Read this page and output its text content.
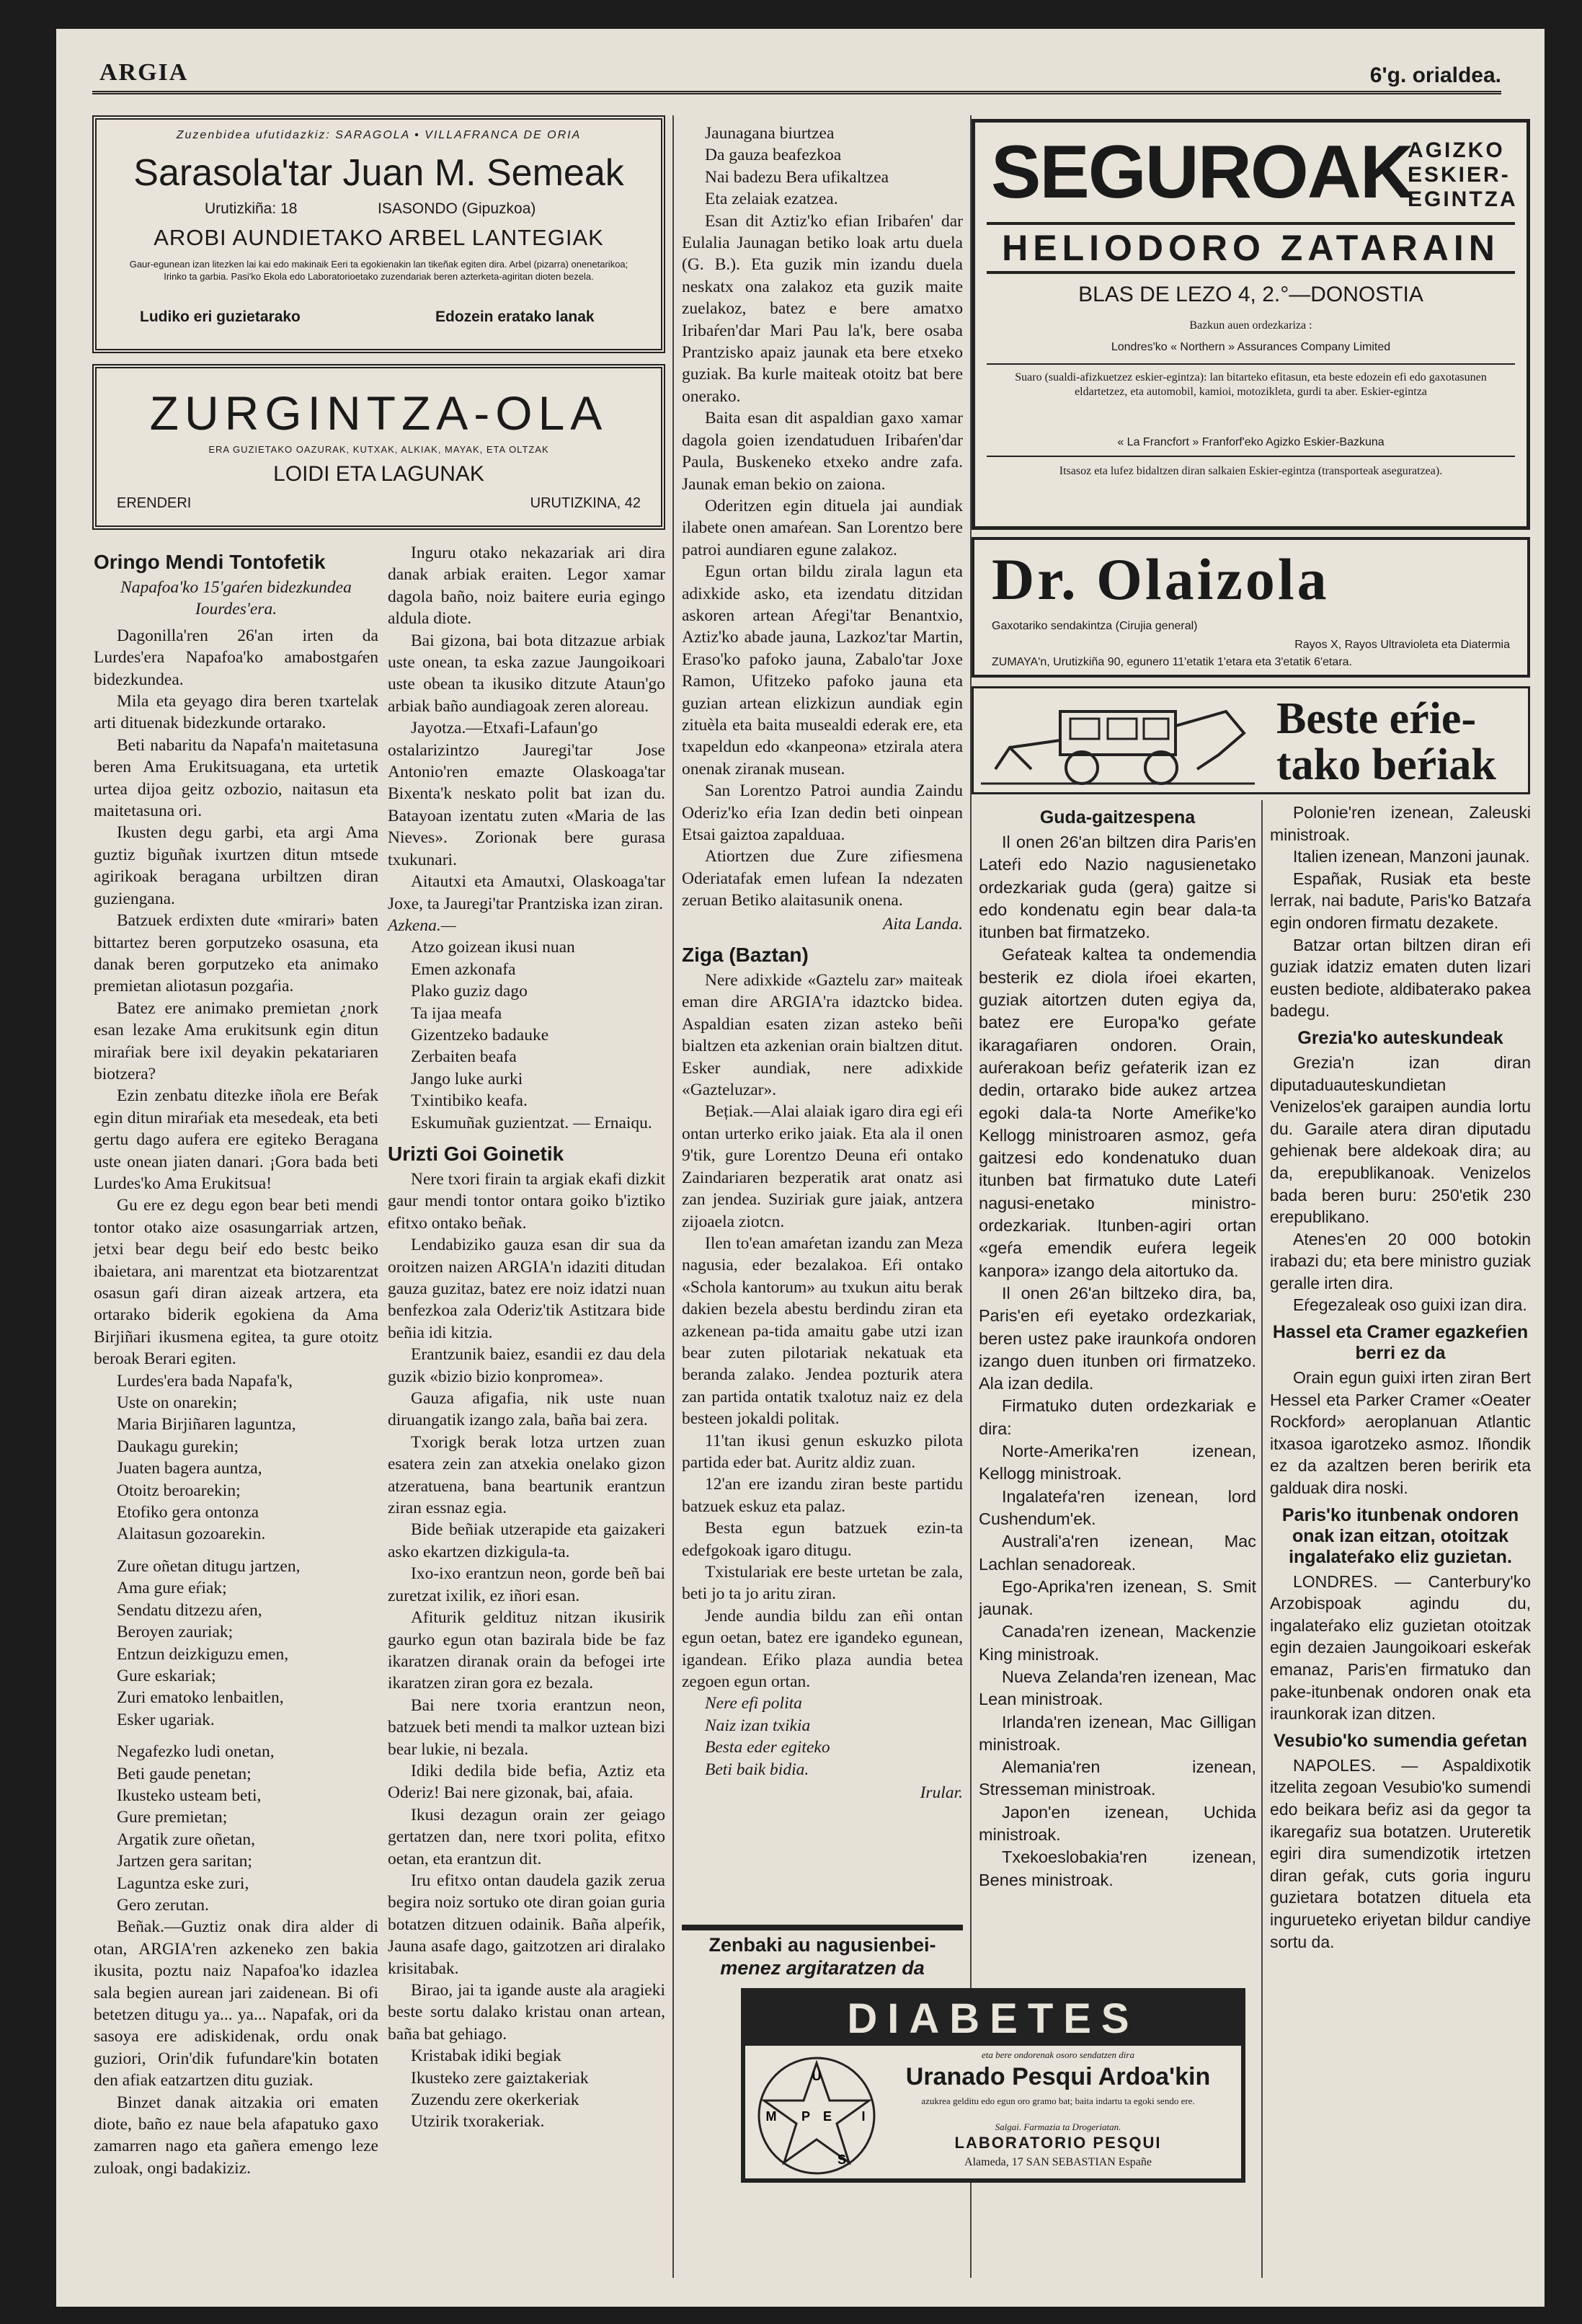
ARGIA	6'g. orialdea.
Zuzenbidea ufutidazkiz: SARAGOLA • VILLAFRANCA DE ORIA
Sarasola'tar Juan M. Semeak
Urutizkiña: 18	ISASONDO (Gipuzkoa)
AROBI AUNDIETAKO ARBEL LANTEGIAK
Gaur-egunean izan litezken lai kai edo makinaik Eeri ta egokienakin lan tikeñak egiten dira. Arbel (pizarra) onenetarikoa; Irinko ta garbia. Pasi'ko Ekola edo Laboratorioetako zuzendariak beren azterketa-agiritan dioten bezela.
Ludiko eri guzietarako	Edozein eratako lanak
ZURGINTZA-OLA
ERA GUZIETAKO OAZURAK, KUTXAK, ALKIAK, MAYAK, ETA OLTZAK
LOIDI ETA LAGUNAK
ERENDERI	URUTIZKINA, 42
Oringo Mendi Tontofetik
Napafoa'ko 15'gaŕen bidezkundea Iourdes'era.

Dagonilla'ren 26'an irten da Lurdes'era Napafoa'ko amabostgaŕen bidezkundea.

Mila eta geyago dira beren txartelak arti dituenak bidezkunde ortarako.

Beti nabaritu da Napafa'n maitetasuna beren Ama Erukitsuagana, eta urtetik urtea dijoa geitz ozbozio, naitasun eta maitetasuna ori.

Ikusten degu garbi, eta argi Ama guztiz biguñak ixurtzen ditun mtsede agirikoak beragana urbiltzen diran guziengana.

Batzuek erdixten dute «mirari» baten bittartez beren gorputzeko osasuna, eta danak beren gorputzeko eta animako premietan aliotasun pozgaŕia.

Batez ere animako premietan ¿nork esan lezake Ama erukitsunk egin ditun miraŕiak bere ixil deyakin pekatariaren biotzera?

Ezin zenbatu ditezke iñola ere Beŕak egin ditun miraŕiak eta mesedeak, eta beti gertu dago aufera ere egiteko Beragana uste onean jiaten danari. ¡Gora bada beti Lurdes'ko Ama Erukitsua!

Gu ere ez degu egon bear beti mendi tontor otako aize osasungarriak artzen, jetxi bear degu beiŕ edo bestc beiko ibaietara, ani marentzat eta biotzarentzat osasun gaŕi diran aizeak artzera, eta ortarako biderik egokiena da Ama Birjiñari ikusmena egitea, ta gure otoitz beroak Berari egiten.

Lurdes'era bada Napafa'k,

Uste on onarekin;

Maria Birjiñaren laguntza,

Daukagu gurekin;

Juaten bagera auntza,

Otoitz beroarekin;

Etofiko gera ontonza

Alaitasun gozoarekin.

Zure oñetan ditugu jartzen,

Ama gure eŕiak;

Sendatu ditzezu aŕen,

Beroyen zauriak;

Entzun deizkiguzu emen,

Gure eskariak;

Zuri ematoko lenbaitlen,

Esker ugariak.

Negafezko ludi onetan,

Beti gaude penetan;

Ikusteko usteam beti,

Gure premietan;

Argatik zure oñetan,

Jartzen gera saritan;

Laguntza eske zuri,

Gero zerutan.

Beñak.—Guztiz onak dira alder di otan, ARGIA'ren azkeneko zen bakia ikusita, poztu naiz Napafoa'ko idazlea sala begien aurean jari zaidenean. Bi ofi betetzen ditugu ya... ya... Napafak, ori da sasoya ere adiskidenak, ordu onak guziori, Orin'dik fufundare'kin botaten den afiak eatzartzen ditu guziak.

Binzet danak aitzakia ori ematen diote, baño ez naue bela afapatuko gaxo zamarren nago eta gañera emengo leze zuloak, ongi badakiziz.

Inguru otako nekazariak ari dira danak arbiak eraiten. Legor xamar dagola baño, noiz baitere euria egingo aldula diote.

Bai gizona, bai bota ditzazue arbiak uste onean, ta eska zazue Jaungoikoari uste obean ta ikusiko ditzute Ataun'go arbiak baño aundiagoak zeren aloreau.

Jayotza.—Etxafi-Lafaun'go ostalarizintzo Jauregi'tar Jose Antonio'ren emazte Olaskoaga'tar Bixenta'k neskato polit bat izan du. Batayoan izentatu zuten «Maria de las Nieves». Zorionak bere gurasa txukunari.

Aitautxi eta Amautxi, Olaskoaga'tar Joxe, ta Jauregi'tar Prantziska izan ziran.

Azkena.—

Atzo goizean ikusi nuan

Emen azkonafa

Plako guziz dago

Ta ijaa meafa

Gizentzeko badauke

Zerbaiten beafa

Jango luke aurki

Txintibiko keafa.

Eskumuñak guzientzat. — Ernaiqu.

Urizti Goi Goinetik

Nere txori firain ta argiak ekafi dizkit gaur mendi tontor ontara goiko b'iztiko efitxo ontako beñak.

Lendabiziko gauza esan dir sua da oroitzen naizen ARGIA'n idaziti ditudan gauza guzitaz, batez ere noiz idatzi nuan benfezkoa zala Oderiz'tik Astitzara bide beñia idi kitzia.

Erantzunik baiez, esandii ez dau dela guzik «bizio bizio konpromea».

Gauza afigafia, nik uste nuan diruangatik izango zala, baña bai zera.

Txorigk berak lotza urtzen zuan esatera zein zan atxekia onelako gizon atzeratuena, bana beartunik erantzun ziran essnaz egia.

Bide beñiak utzerapide eta gaizakeri asko ekartzen dizkigula-ta.

Ixo-ixo erantzun neon, gorde beñ bai zuretzat ixilik, ez iñori esan.

Afiturik geldituz nitzan ikusirik gaurko egun otan bazirala bide be faz ikaratzen diranak orain da befogei irte ikaratzen ziran gora ez bezala.

Bai nere txoria erantzun neon, batzuek beti mendi ta malkor uztean bizi bear lukie, ni bezala.

Idiki dedila bide befia, Aztiz eta Oderiz! Bai nere gizonak, bai, afaia.

Ikusi dezagun orain zer geiago gertatzen dan, nere txori polita, efitxo oetan, eta erantzun dit.

Iru efitxo ontan daudela gazik zerua begira noiz sortuko ote diran goian guria botatzen ditzuen odainik. Baña alpeŕik, Jauna asafe dago, gaitzotzen ari diralako krisitabak.

Birao, jai ta igande auste ala aragieki beste sortu dalako kristau onan artean, baña bat gehiago.

Kristabak idiki begiak

Ikusteko zere gaiztakeriak

Zuzendu zere okerkeriak

Utzirik txorakeriak.

Jaunagana biurtzea

Da gauza beafezkoa

Nai badezu Bera ufikaltzea

Eta zelaiak ezatzea.

Esan dit Aztiz'ko efian Iribaŕen' dar Eulalia Jaunagan betiko loak artu duela (G. B.). Eta guzik min izandu duela neskatx ona zalakoz eta guzik maite zuelakoz, batez e bere amatxo Iribaŕen'dar Mari Pau la'k, bere osaba Prantzisko apaiz jaunak eta bere etxeko guziak. Ba kurle maiteak otoitz bat bere onerako.

Baita esan dit aspaldian gaxo xamar dagola goien izendatuduen Iribaŕen'dar Paula, Buskeneko etxeko andre zafa. Jaunak eman bekio on zaiona.

Oderitzen egin dituela jai aundiak ilabete onen amaŕean. San Lorentzo bere patroi aundiaren egune zalakoz.

Egun ortan bildu zirala lagun eta adixkide asko, eta izendatu ditzidan askoren artean Aŕegi'tar Benantxio, Aztiz'ko abade jauna, Lazkoz'tar Martin, Eraso'ko pafoko jauna, Zabalo'tar Joxe Ramon, Ufitzeko pafoko jauna eta guzian artean elizkizun aundiak egin zituèla eta baita musealdi ederak ere, eta txapeldun edo «kanpeona» etzirala atera onenak ziranak musean.

San Lorentzo Patroi aundia Zaindu Oderiz'ko eŕia Izan dedin beti oinpean Etsai gaiztoa zapalduaa.

Atiortzen due Zure zifiesmena Oderiatafak emen lufean Ia ndezaten zeruan Betiko alaitasunik onena.

Aita Landa.
Ziga (Baztan)

Nere adixkide «Gaztelu zar» maiteak eman dire ARGIA'ra idaztcko bidea. Aspaldian esaten zizan asteko beñi bialtzen eta azkenian orain bialtzen ditut. Esker aundiak, nere adixkide «Gazteluzar».

Bețiak.—Alai alaiak igaro dira egi eŕi ontan urterko eriko jaiak. Eta ala il onen 9'tik, gure Lorentzo Deuna eŕi ontako Zaindariaren bezperatik arat onatz asi zan jendea. Suziriak gure jaiak, antzera zijoaela ziotcn.

Ilen to'ean amaŕetan izandu zan Meza nagusia, eder bezalakoa. Eŕi ontako «Schola kantorum» au txukun aitu berak dakien bezela abestu berdindu ziran eta azkenean pa-tida amaitu gabe utzi izan bear zuten pilotariak nekatuak eta beranda zalako. Jendea pozturik atera zan partida ontatik txalotuz naiz ez dela besteen jokaldi politak.

11'tan ikusi genun eskuzko pilota partida eder bat. Auritz aldiz zuan.

12'an ere izandu ziran beste partidu batzuek eskuz eta palaz.

Besta egun batzuek ezin-ta edefgokoak igaro ditugu.

Txistulariak ere beste urtetan be zala, beti jo ta jo aritu ziran.

Jende aundia bildu zan eñi ontan egun oetan, batez ere igandeko egunean, igandean. Eŕiko plaza aundia betea zegoen egun ortan.

Nere efi polita

Naiz izan txikia

Besta eder egiteko

Beti baik bidia.

Irular.
Zenbaki au nagusienbei-
menez argitaratzen da
DIABETES
U
I
P
S
E
M
eta bere ondorenak osoro sendatzen dira
Uranado Pesqui Ardoa'kin
azukrea gelditu edo egun oro gramo bat; baita indartu ta egoki sendo ere.
Salgai. Farmazia ta Drogeriatan.
LABORATORIO PESQUI
Alameda, 17 SAN SEBASTIAN Españe
SEGUROAK
AGIZKO
ESKIER-
EGINTZA
HELIODORO ZATARAIN
BLAS DE LEZO 4, 2.°—DONOSTIA
Bazkun auen ordezkariza :
Londres'ko « Northern » Assurances Company Limited
Suaro (sualdi-afizkuetzez eskier-egintza): lan bitarteko efitasun, eta beste edozein efi edo gaxotasunen eldartetzez, eta automobil, kamioi, motozikleta, gurdi ta aber. Eskier-egintza
« La Francfort » Franforf'eko Agizko Eskier-Bazkuna
Itsasoz eta lufez bidaltzen diran salkaien Eskier-egintza (transporteak aseguratzea).
Dr. Olaizola
Gaxotariko sendakintza (Cirujia general)
Rayos X, Rayos Ultravioleta eta Diatermia
ZUMAYA'n, Urutizkiña 90, egunero 11'etatik 1'etara eta 3'etatik 6'etara.
Beste eŕie-
tako beŕiak
Guda-gaitzespena

Il onen 26'an biltzen dira Paris'en Lateŕi edo Nazio nagusienetako ordezkariak guda (gera) gaitze si edo kondenatu egin bear dala-ta itunben bat firmatzeko.

Geŕateak kaltea ta ondemendia besterik ez diola iŕoei ekarten, guziak aitortzen duten egiya da, batez ere Europa'ko geŕate ikaragaŕiaren ondoren. Orain, auŕerakoan beŕiz geŕaterik izan ez dedin, ortarako bide aukez artzea egoki dala-ta Norte Ameŕike'ko Kellogg ministroaren asmoz, geŕa gaitzesi edo kondenatuko duan itunben bat firmatuko dute Lateŕi nagusi-enetako ministro-ordezkariak. Itunben-agiri ortan «geŕa emendik euŕera legeik kanpora» izango dela aitortuko da.

Il onen 26'an biltzeko dira, ba, Paris'en eŕi eyetako ordezkariak, beren ustez pake iraunkoŕa ondoren izango duen itunben ori firmatzeko. Ala izan dedila.

Firmatuko duten ordezkariak e dira:

Norte-Amerika'ren izenean, Kellogg ministroak.

Ingalateŕa'ren izenean, lord Cushendum'ek.

Australi'a'ren izenean, Mac Lachlan senadoreak.

Ego-Aprika'ren izenean, S. Smit jaunak.

Canada'ren izenean, Mackenzie King ministroak.

Nueva Zelanda'ren izenean, Mac Lean ministroak.

Irlanda'ren izenean, Mac Gilligan ministroak.

Alemania'ren izenean, Stresseman ministroak.

Japon'en izenean, Uchida ministroak.

Txekoeslobakia'ren izenean, Benes ministroak.

Polonie'ren izenean, Zaleuski ministroak.

Italien izenean, Manzoni jaunak.

Españak, Rusiak eta beste lerrak, nai badute, Paris'ko Batzaŕa egin ondoren firmatu dezakete.

Batzar ortan biltzen diran eŕi guziak idatziz ematen duten lizari eusten bediote, aldibaterako pakea badegu.

Grezia'ko auteskundeak

Grezia'n izan diran diputaduauteskundietan Venizelos'ek garaipen aundia lortu du. Garaile atera diran diputadu gehienak bere aldekoak dira; au da, erepublikanoak. Venizelos bada beren buru: 250'etik 230 erepublikano.

Atenes'en 20 000 botokin irabazi du; eta bere ministro guziak geralle irten dira.

Eŕegezaleak oso guixi izan dira.

Hassel eta Cramer egazkeŕien berri ez da

Orain egun guixi irten ziran Bert Hessel eta Parker Cramer «Oeater Rockford» aeroplanuan Atlantic itxasoa igarotzeko asmoz. Iñondik ez da azaltzen beren beririk eta galduak dira noski.

Paris'ko itunbenak ondoren onak izan eitzan, otoitzak ingalateŕako eliz guzietan.

LONDRES. — Canterbury'ko Arzobispoak agindu du, ingalateŕako eliz guzietan otoitzak egin dezaien Jaungoikoari eskeŕak emanaz, Paris'en firmatuko dan pake-itunbenak ondoren onak eta iraunkorak izan ditzen.

Vesubio'ko sumendia geŕetan

NAPOLES. — Aspaldixotik itzelita zegoan Vesubio'ko sumendi edo beikara beŕiz asi da gegor ta ikaregaŕiz sua botatzen. Uruteretik egiri dira sumendizotik irtetzen diran geŕak, cuts goria inguru guzietara botatzen dituela eta ingurueteko eriyetan bildur candiye sortu da.
